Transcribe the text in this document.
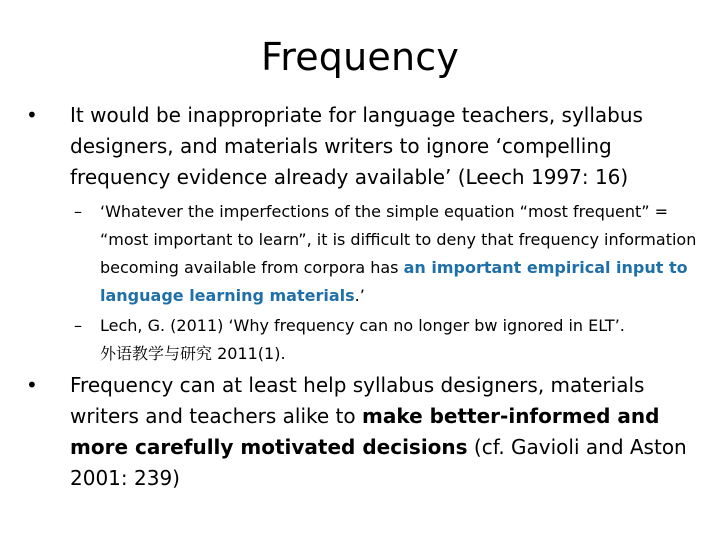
Frequency
•	It would be inappropriate for language teachers, syllabus designers, and materials writers to ignore ‘compelling frequency evidence already available’ (Leech 1997: 16)
–	‘Whatever the imperfections of the simple equation “most frequent” = “most important to learn”, it is difficult to deny that frequency information becoming available from corpora has an important empirical input to language learning materials.’
–	Lech, G. (2011) ‘Why frequency can no longer bw ignored in ELT’.
外语教学与研究 2011(1).
•	Frequency can at least help syllabus designers, materials writers and teachers alike to make better-informed and more carefully motivated decisions (cf. Gavioli and Aston 2001: 239)
